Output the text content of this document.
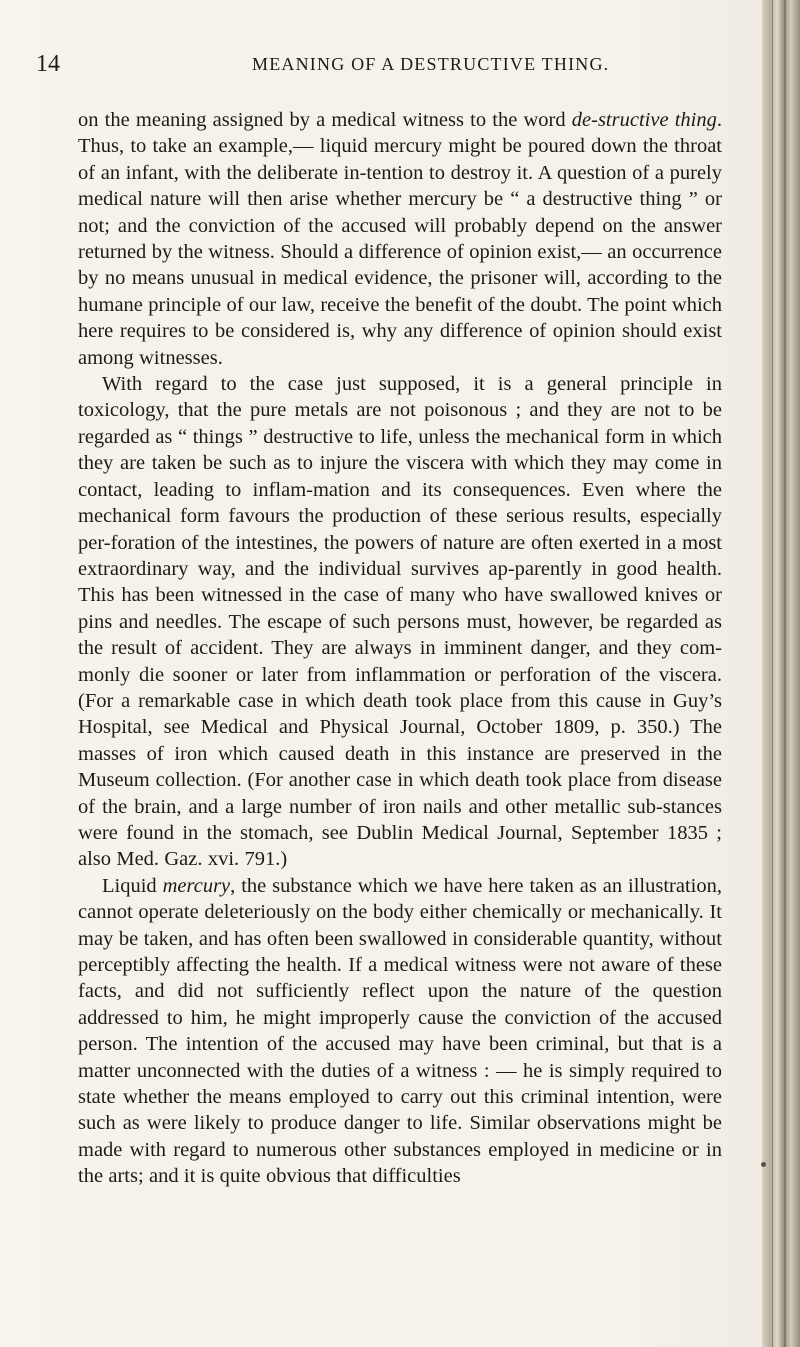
14	MEANING OF A DESTRUCTIVE THING.

on the meaning assigned by a medical witness to the word de-structive thing. Thus, to take an example,— liquid mercury might be poured down the throat of an infant, with the deliberate in-tention to destroy it. A question of a purely medical nature will then arise whether mercury be “ a destructive thing ” or not; and the conviction of the accused will probably depend on the answer returned by the witness. Should a difference of opinion exist,— an occurrence by no means unusual in medical evidence, the prisoner will, according to the humane principle of our law, receive the benefit of the doubt. The point which here requires to be considered is, why any difference of opinion should exist among witnesses.

With regard to the case just supposed, it is a general principle in toxicology, that the pure metals are not poisonous ; and they are not to be regarded as “ things ” destructive to life, unless the mechanical form in which they are taken be such as to injure the viscera with which they may come in contact, leading to inflam-mation and its consequences. Even where the mechanical form favours the production of these serious results, especially per-foration of the intestines, the powers of nature are often exerted in a most extraordinary way, and the individual survives ap-parently in good health. This has been witnessed in the case of many who have swallowed knives or pins and needles. The escape of such persons must, however, be regarded as the result of accident. They are always in imminent danger, and they com-monly die sooner or later from inflammation or perforation of the viscera. (For a remarkable case in which death took place from this cause in Guy’s Hospital, see Medical and Physical Journal, October 1809, p. 350.) The masses of iron which caused death in this instance are preserved in the Museum collection. (For another case in which death took place from disease of the brain, and a large number of iron nails and other metallic sub-stances were found in the stomach, see Dublin Medical Journal, September 1835 ; also Med. Gaz. xvi. 791.)

Liquid mercury, the substance which we have here taken as an illustration, cannot operate deleteriously on the body either chemically or mechanically. It may be taken, and has often been swallowed in considerable quantity, without perceptibly affecting the health. If a medical witness were not aware of these facts, and did not sufficiently reflect upon the nature of the question addressed to him, he might improperly cause the conviction of the accused person. The intention of the accused may have been criminal, but that is a matter unconnected with the duties of a witness : — he is simply required to state whether the means employed to carry out this criminal intention, were such as were likely to produce danger to life. Similar observations might be made with regard to numerous other substances employed in medicine or in the arts; and it is quite obvious that difficulties
